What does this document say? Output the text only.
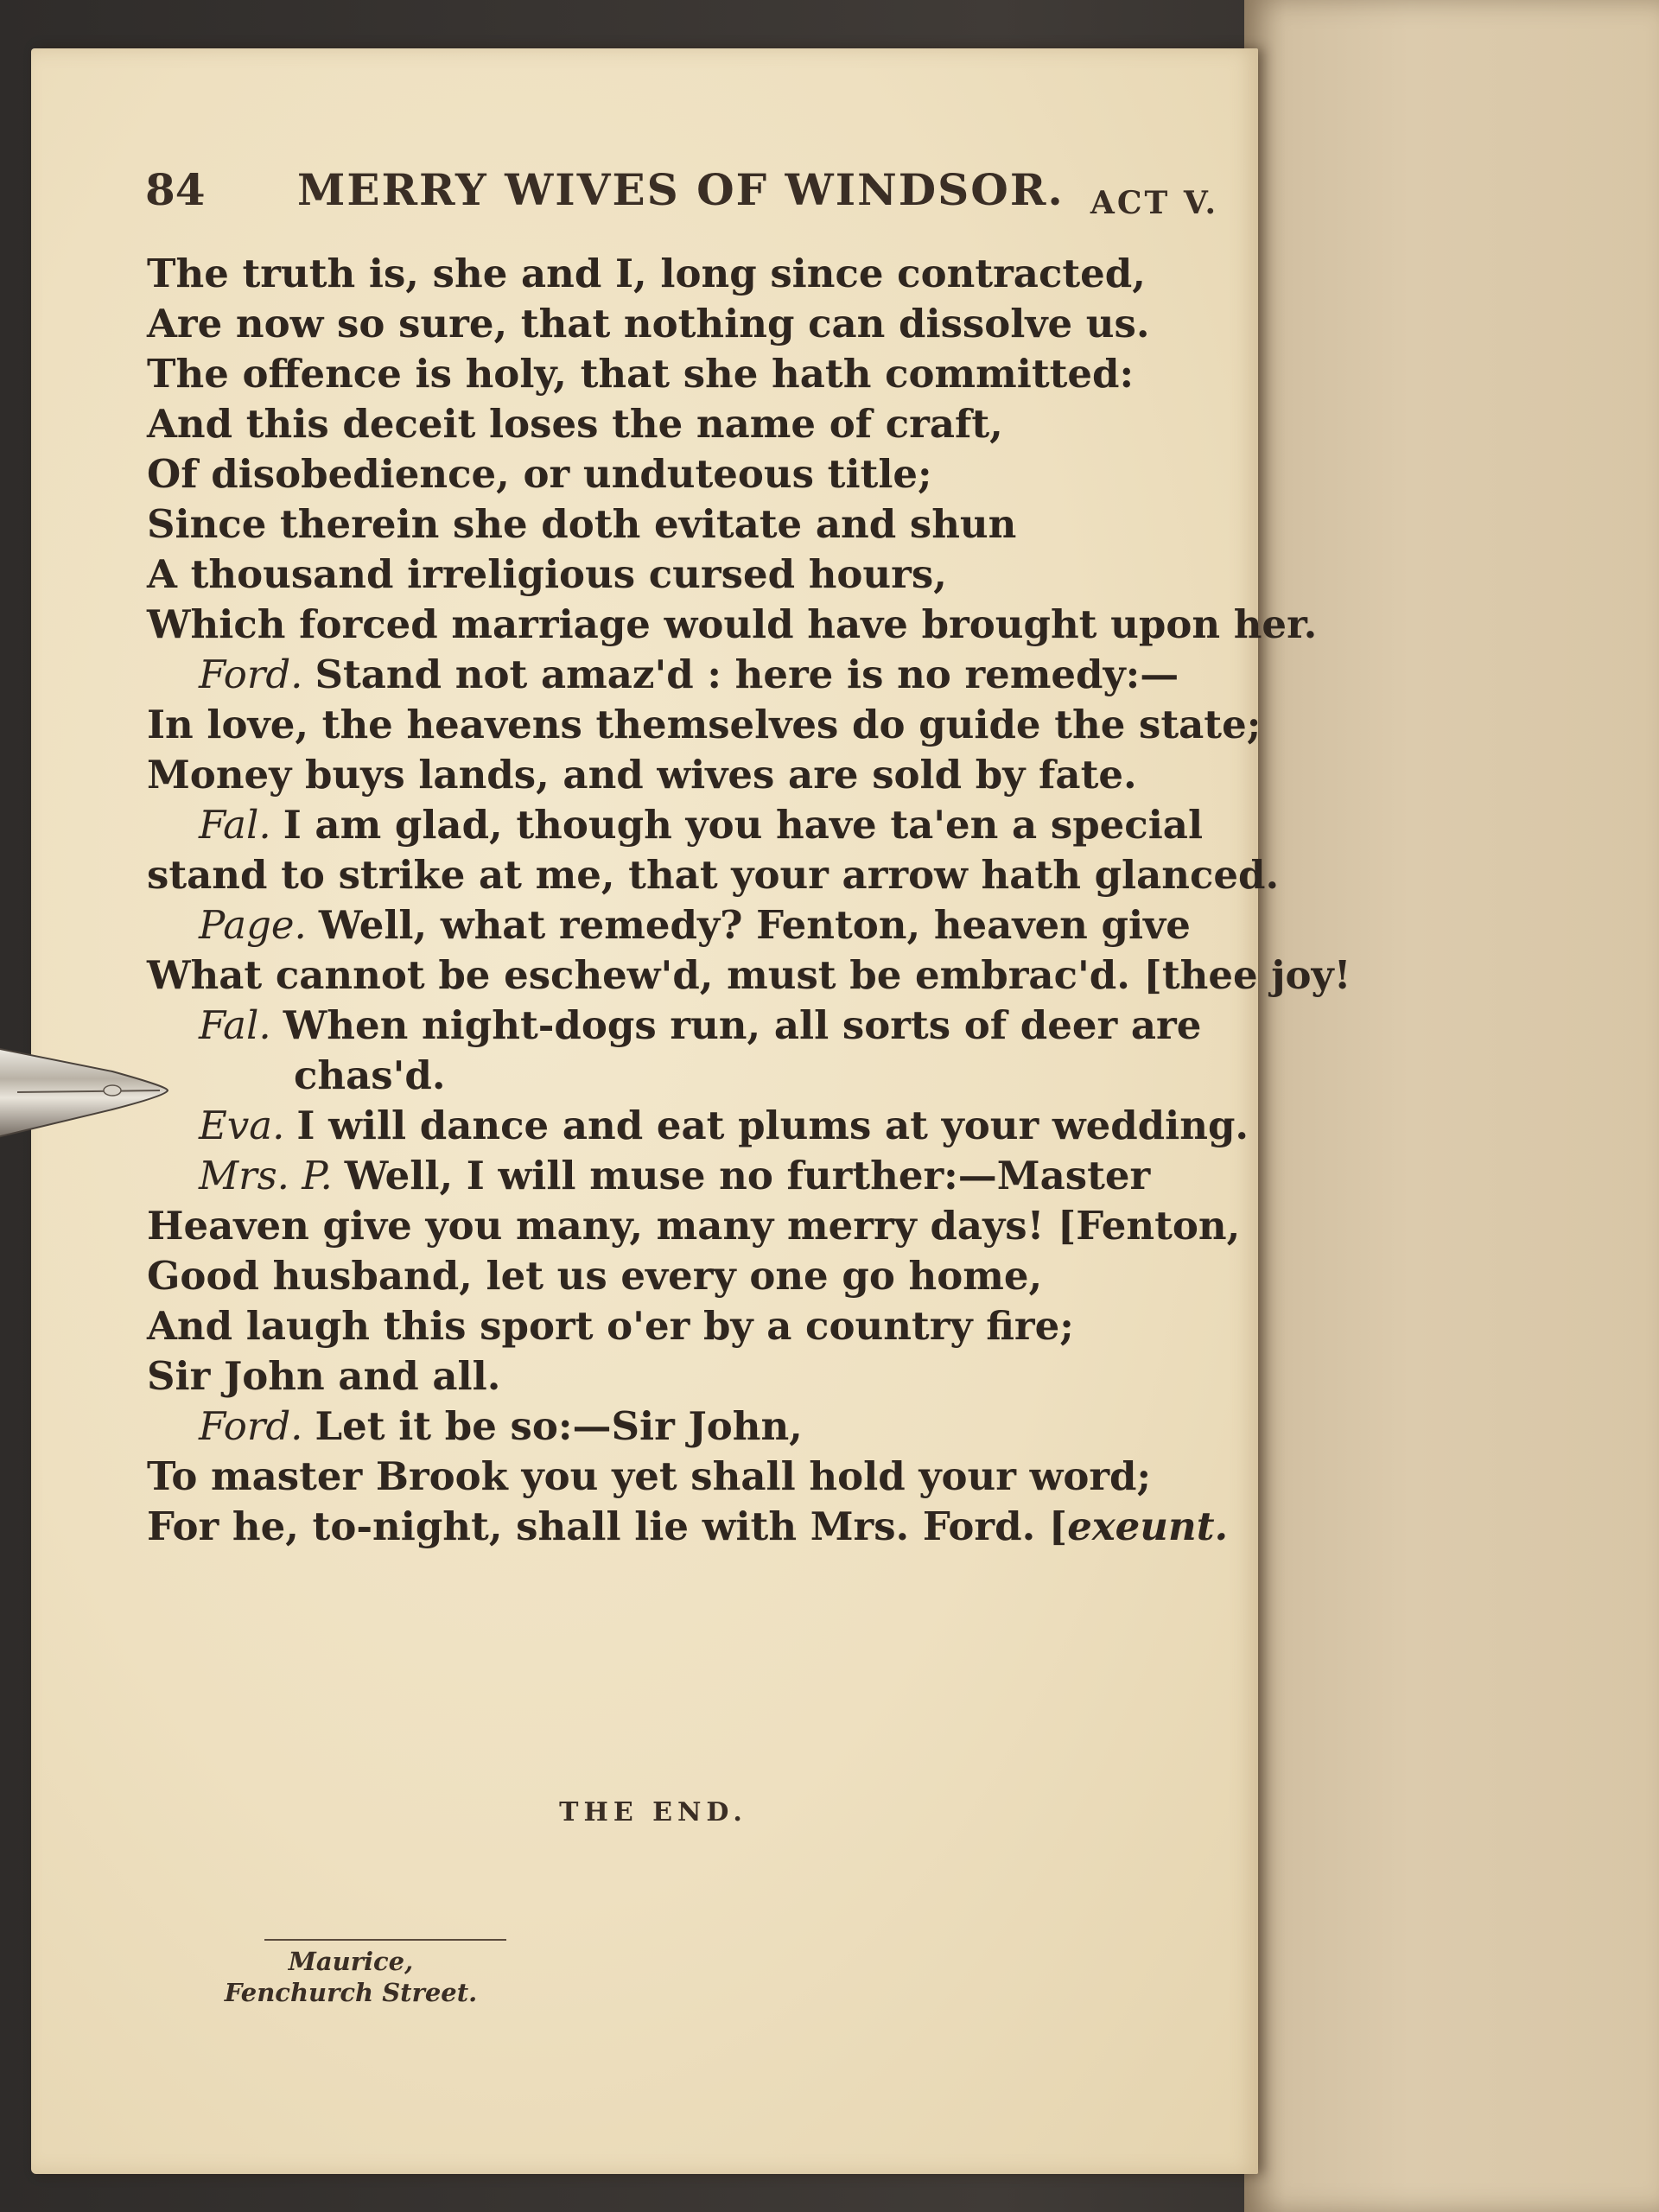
84 MERRY WIVES OF WINDSOR. ACT V.
The truth is, she and I, long since contracted,
Are now so sure, that nothing can dissolve us.
The offence is holy, that she hath committed:
And this deceit loses the name of craft,
Of disobedience, or unduteous title;
Since therein she doth evitate and shun
A thousand irreligious cursed hours,
Which forced marriage would have brought upon her.
Ford. Stand not amaz'd : here is no remedy:—
In love, the heavens themselves do guide the state;
Money buys lands, and wives are sold by fate.
Fal. I am glad, though you have ta'en a special
stand to strike at me, that your arrow hath glanced.
Page. Well, what remedy? Fenton, heaven give
What cannot be eschew'd, must be embrac'd. [thee joy!
Fal. When night-dogs run, all sorts of deer are
chas'd.
Eva. I will dance and eat plums at your wedding.
Mrs. P. Well, I will muse no further:—Master
Heaven give you many, many merry days! [Fenton,
Good husband, let us every one go home,
And laugh this sport o'er by a country fire;
Sir John and all.
Ford. Let it be so:—Sir John,
To master Brook you yet shall hold your word;
For he, to-night, shall lie with Mrs. Ford. [exeunt.
THE END.
Maurice,
Fenchurch Street.
